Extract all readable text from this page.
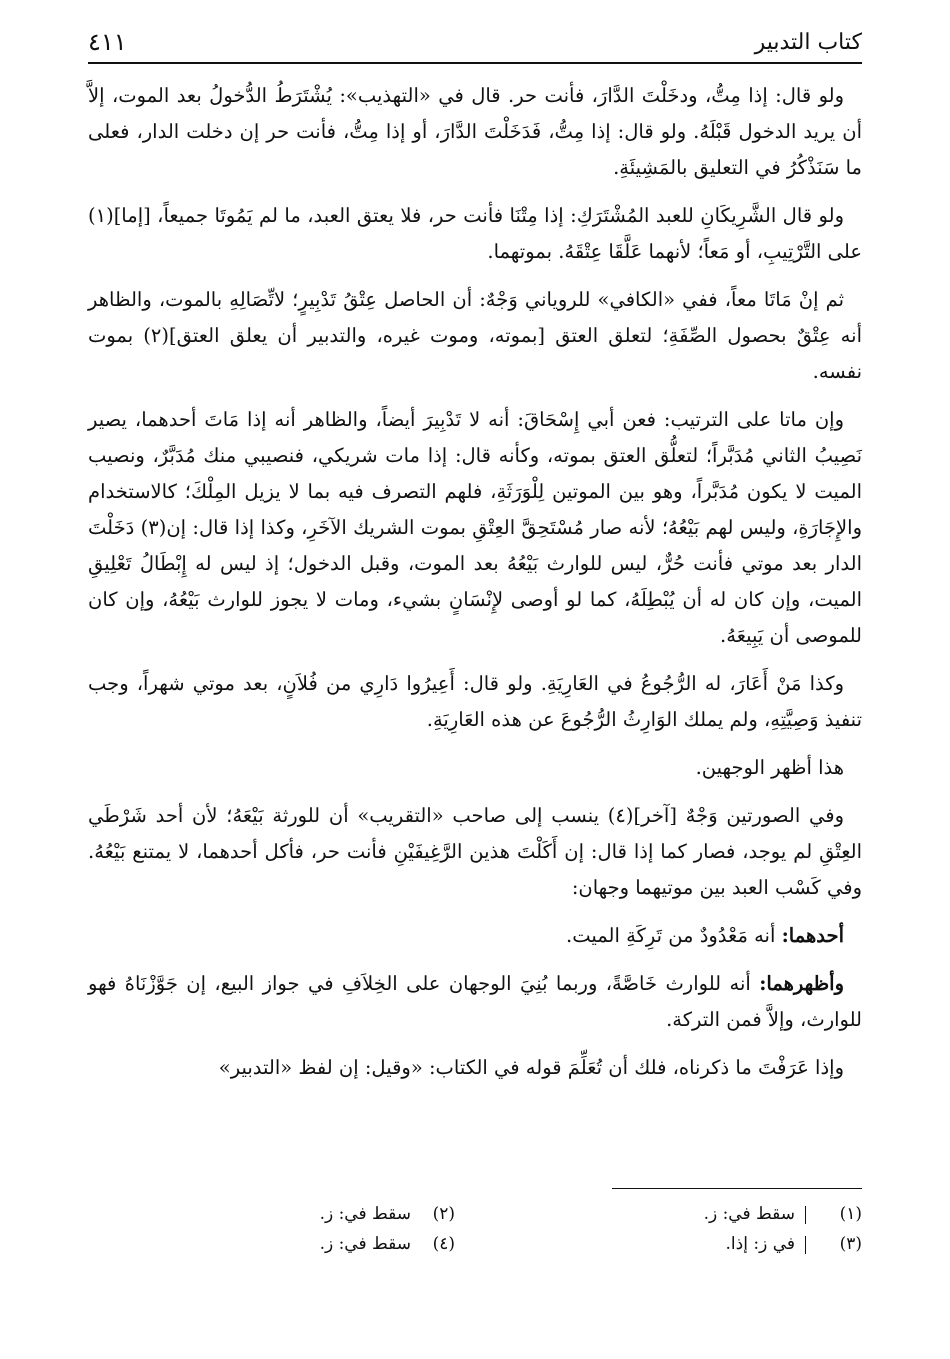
كتاب التدبير
٤١١

ولو قال: إذا مِتُّ، ودخَلْتَ الدَّارَ، فأنت حر. قال في «التهذيب»: يُشْتَرَطُ الدُّخولُ بعد الموت، إلاَّ أن يريد الدخول قَبْلَهُ. ولو قال: إذا مِتُّ، فَدَخَلْتَ الدَّارَ، أو إذا مِتُّ، فأنت حر إن دخلت الدار، فعلى ما سَنَذْكُرُ في التعليق بالمَشِيئَةِ.

ولو قال الشَّرِيكَانِ للعبد المُشْتَرَكِ: إذا مِتْنَا فأنت حر، فلا يعتق العبد، ما لم يَمُوتَا جميعاً، [إما](١) على التَّرْتِيبِ، أو مَعاً؛ لأنهما عَلَّقَا عِتْقَهُ. بموتهما.

ثم إنْ مَاتَا معاً، ففي «الكافي» للروياني وَجْهٌ: أن الحاصل عِتْقُ تَدْبِيرٍ؛ لاتِّصَالِهِ بالموت، والظاهر أنه عِتْقٌ بحصول الصِّفَةِ؛ لتعلق العتق [بموته، وموت غيره، والتدبير أن يعلق العتق](٢) بموت نفسه.

وإن ماتا على الترتيب: فعن أبي إِسْحَاقَ: أنه لا تَدْبِيرَ أيضاً، والظاهر أنه إذا مَاتَ أحدهما، يصير نَصِيبُ الثاني مُدَبَّراً؛ لتعلُّق العتق بموته، وكأنه قال: إذا مات شريكي، فنصيبي منك مُدَبَّرٌ، ونصيب الميت لا يكون مُدَبَّراً، وهو بين الموتين لِلْوَرَثَةِ، فلهم التصرف فيه بما لا يزيل المِلْكَ؛ كالاستخدام والإِجَارَةِ، وليس لهم بَيْعُهُ؛ لأنه صار مُسْتَحِقَّ العِتْقِ بموت الشريك الآخَرِ، وكذا إذا قال: إن(٣) دَخَلْتَ الدار بعد موتي فأنت حُرٌّ، ليس للوارث بَيْعُهُ بعد الموت، وقبل الدخول؛ إذ ليس له إِبْطَالُ تَعْلِيقِ الميت، وإن كان له أن يُبْطِلَهُ، كما لو أوصى لإِنْسَانٍ بشيء، ومات لا يجوز للوارث بَيْعُهُ، وإن كان للموصى أن يَبِيعَهُ.

وكذا مَنْ أَعَارَ، له الرُّجُوعُ في العَارِيَةِ. ولو قال: أَعِيرُوا دَارِي من فُلاَنٍ، بعد موتي شهراً، وجب تنفيذ وَصِيَّتِهِ، ولم يملك الوَارِثُ الرُّجُوعَ عن هذه العَارِيَةِ.

هذا أظهر الوجهين.

وفي الصورتين وَجْهٌ [آخر](٤) ينسب إلى صاحب «التقريب» أن للورثة بَيْعَهُ؛ لأن أحد شَرْطَي العِتْقِ لم يوجد، فصار كما إذا قال: إن أَكَلْتَ هذين الرَّغِيفَيْنِ فأنت حر، فأكل أحدهما، لا يمتنع بَيْعُهُ. وفي كَسْب العبد بين موتيهما وجهان:

أحدهما: أنه مَعْدُودٌ من تَرِكَةِ الميت.

وأظهرهما: أنه للوارث خَاصَّةً، وربما بُنِيَ الوجهان على الخِلاَفِ في جواز البيع، إن جَوَّزْنَاهُ فهو للوارث، وإلاَّ فمن التركة.

وإذا عَرَفْتَ ما ذكرناه، فلك أن تُعَلِّمَ قوله في الكتاب: «وقيل: إن لفظ «التدبير»

(١)سقط في: ز.
(٢)سقط في: ز.
(٣)في ز: إذا.
(٤)سقط في: ز.
